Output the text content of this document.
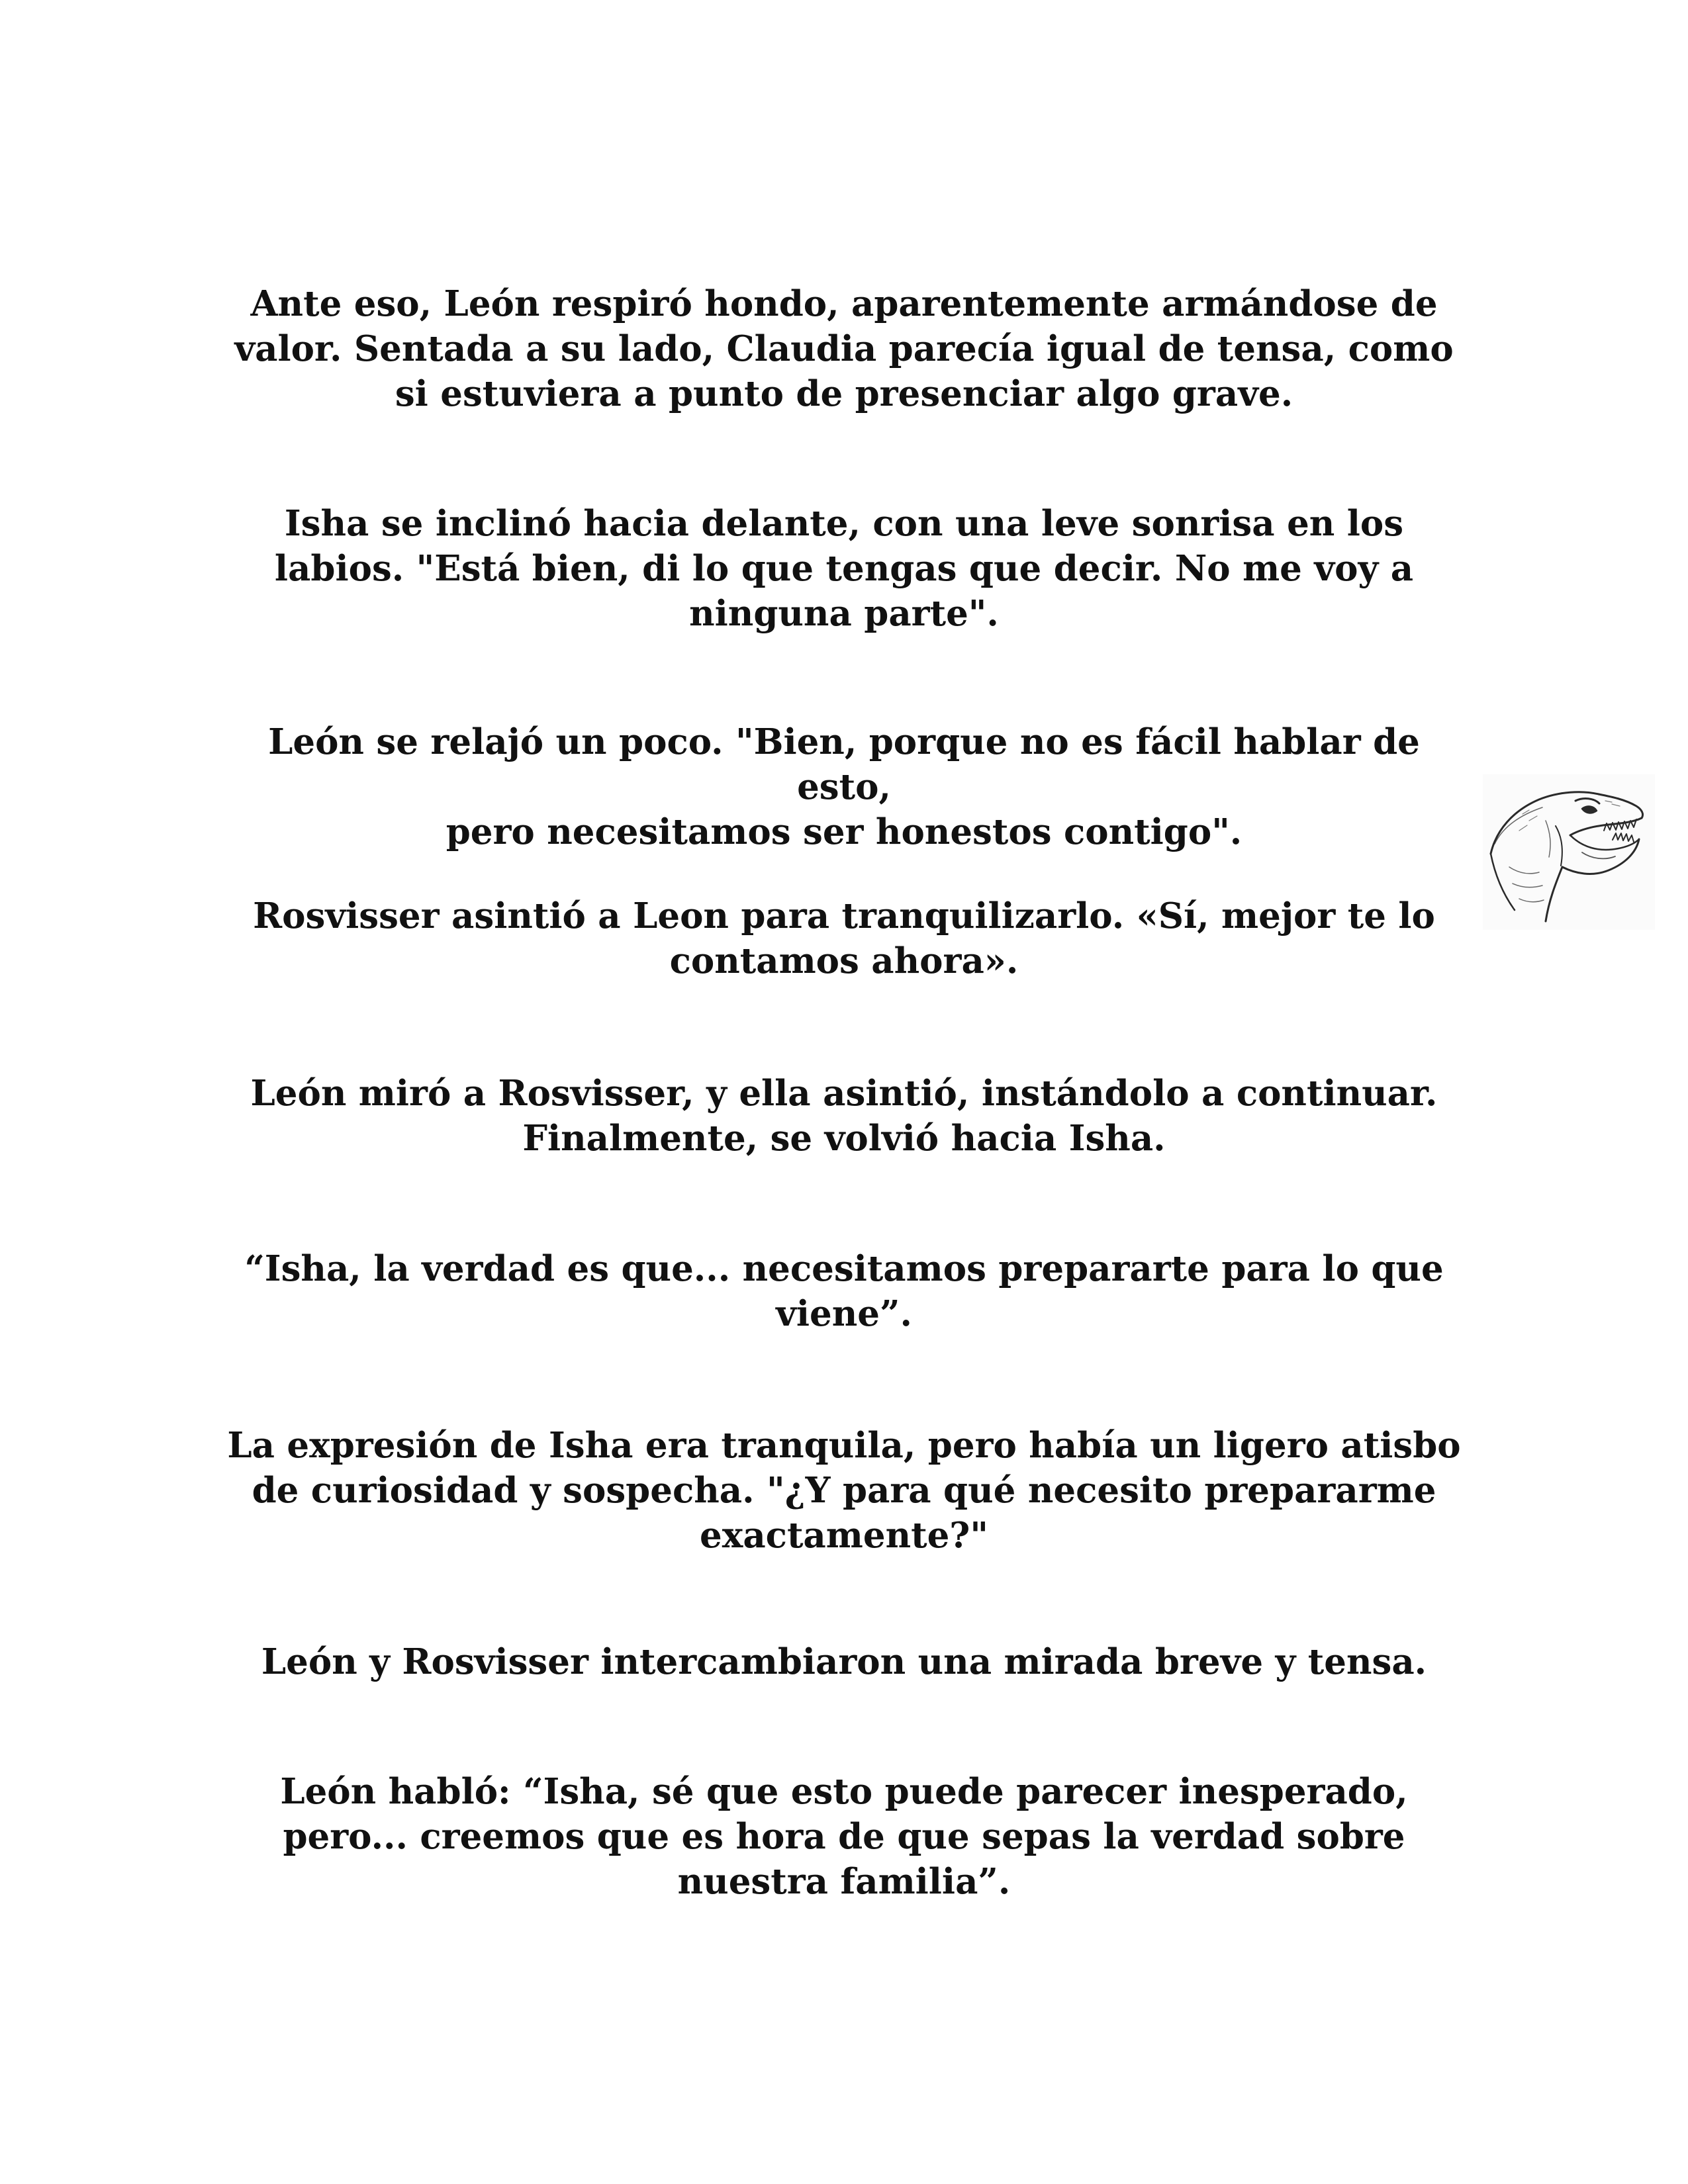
Ante eso, León respiró hondo, aparentemente armándose de
valor. Sentada a su lado, Claudia parecía igual de tensa, como
si estuviera a punto de presenciar algo grave.

Isha se inclinó hacia delante, con una leve sonrisa en los
labios. "Está bien, di lo que tengas que decir. No me voy a
ninguna parte".

León se relajó un poco. "Bien, porque no es fácil hablar de esto,
pero necesitamos ser honestos contigo".

Rosvisser asintió a Leon para tranquilizarlo. «Sí, mejor te lo
contamos ahora».

León miró a Rosvisser, y ella asintió, instándolo a continuar.
Finalmente, se volvió hacia Isha.

“Isha, la verdad es que... necesitamos prepararte para lo que
viene”.

La expresión de Isha era tranquila, pero había un ligero atisbo
de curiosidad y sospecha. "¿Y para qué necesito prepararme
exactamente?"

León y Rosvisser intercambiaron una mirada breve y tensa.

León habló: “Isha, sé que esto puede parecer inesperado,
pero... creemos que es hora de que sepas la verdad sobre
nuestra familia”.
